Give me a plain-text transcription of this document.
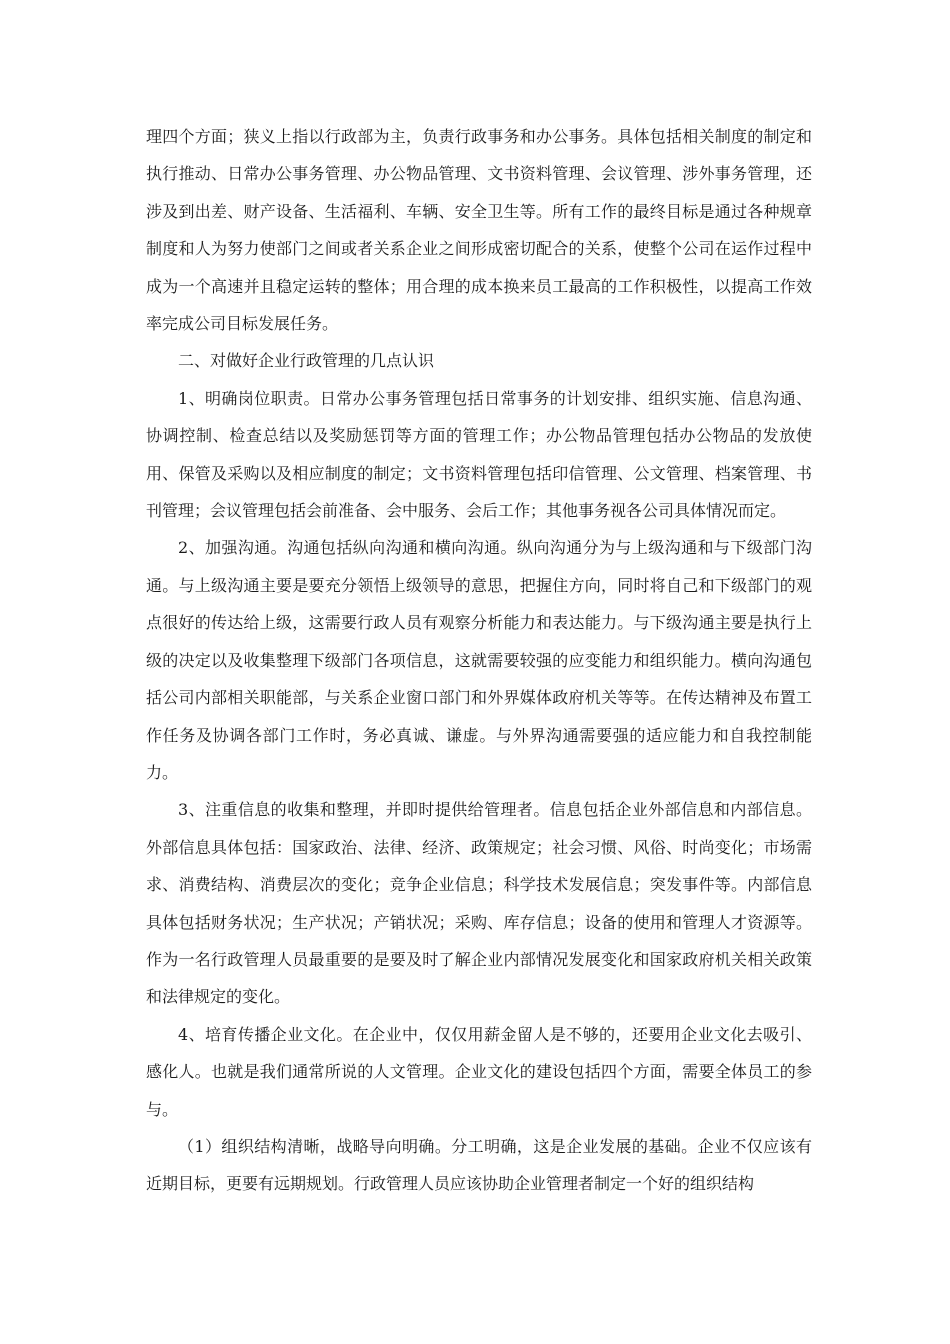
理四个方面；狭义上指以行政部为主，负责行政事务和办公事务。具体包括相关制度的制定和执行推动、日常办公事务管理、办公物品管理、文书资料管理、会议管理、涉外事务管理，还涉及到出差、财产设备、生活福利、车辆、安全卫生等。所有工作的最终目标是通过各种规章制度和人为努力使部门之间或者关系企业之间形成密切配合的关系，使整个公司在运作过程中成为一个高速并且稳定运转的整体；用合理的成本换来员工最高的工作积极性，以提高工作效率完成公司目标发展任务。

二、对做好企业行政管理的几点认识

1、明确岗位职责。日常办公事务管理包括日常事务的计划安排、组织实施、信息沟通、协调控制、检查总结以及奖励惩罚等方面的管理工作；办公物品管理包括办公物品的发放使用、保管及采购以及相应制度的制定；文书资料管理包括印信管理、公文管理、档案管理、书刊管理；会议管理包括会前准备、会中服务、会后工作；其他事务视各公司具体情况而定。

2、加强沟通。沟通包括纵向沟通和横向沟通。纵向沟通分为与上级沟通和与下级部门沟通。与上级沟通主要是要充分领悟上级领导的意思，把握住方向，同时将自己和下级部门的观点很好的传达给上级，这需要行政人员有观察分析能力和表达能力。与下级沟通主要是执行上级的决定以及收集整理下级部门各项信息，这就需要较强的应变能力和组织能力。横向沟通包括公司内部相关职能部，与关系企业窗口部门和外界媒体政府机关等等。在传达精神及布置工作任务及协调各部门工作时，务必真诚、谦虚。与外界沟通需要强的适应能力和自我控制能力。

3、注重信息的收集和整理，并即时提供给管理者。信息包括企业外部信息和内部信息。外部信息具体包括：国家政治、法律、经济、政策规定；社会习惯、风俗、时尚变化；市场需求、消费结构、消费层次的变化；竞争企业信息；科学技术发展信息；突发事件等。内部信息具体包括财务状况；生产状况；产销状况；采购、库存信息；设备的使用和管理人才资源等。作为一名行政管理人员最重要的是要及时了解企业内部情况发展变化和国家政府机关相关政策和法律规定的变化。

4、培育传播企业文化。在企业中，仅仅用薪金留人是不够的，还要用企业文化去吸引、感化人。也就是我们通常所说的人文管理。企业文化的建设包括四个方面，需要全体员工的参与。

（1）组织结构清晰，战略导向明确。分工明确，这是企业发展的基础。企业不仅应该有近期目标，更要有远期规划。行政管理人员应该协助企业管理者制定一个好的组织结构
